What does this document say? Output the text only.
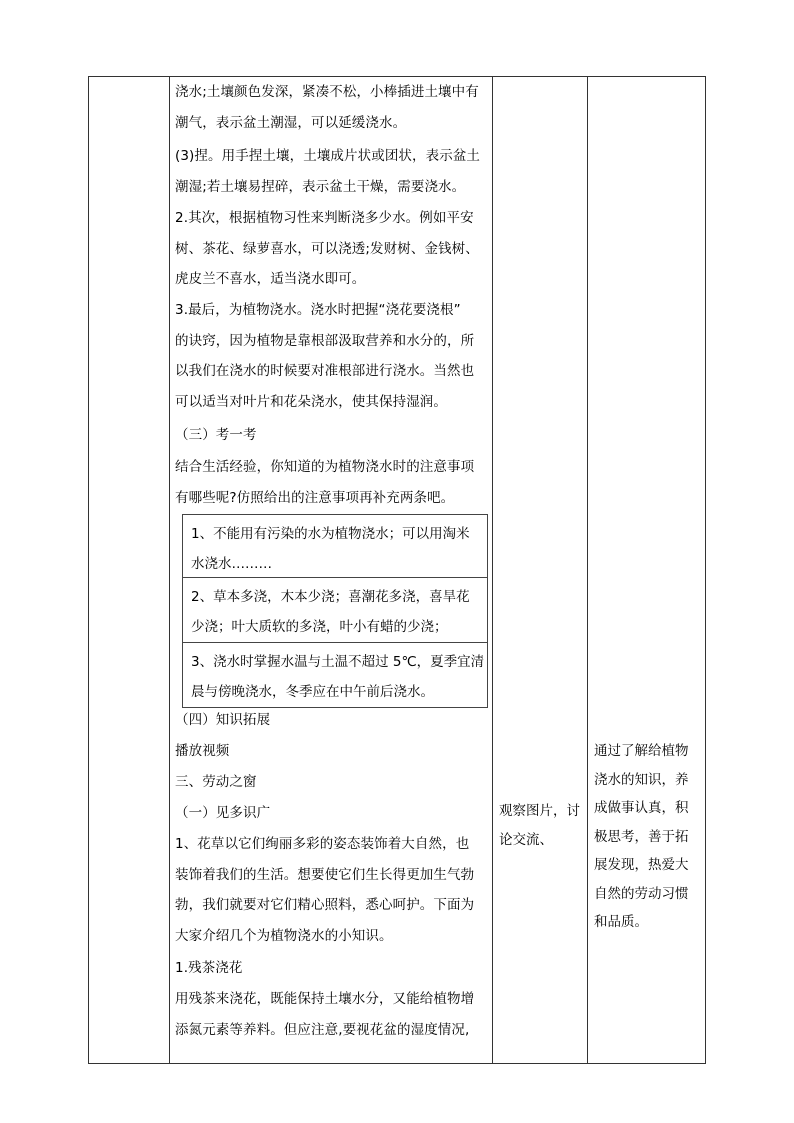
浇水;土壤颜色发深，紧凑不松，小棒插进土壤中有
潮气，表示盆土潮湿，可以延缓浇水。
(3)捏。用手捏土壤，土壤成片状或团状，表示盆土
潮湿;若土壤易捏碎，表示盆土干燥，需要浇水。
2.其次，根据植物习性来判断浇多少水。例如平安
树、茶花、绿萝喜水，可以浇透;发财树、金钱树、
虎皮兰不喜水，适当浇水即可。
3.最后，为植物浇水。浇水时把握“浇花要浇根”
的诀窍，因为植物是靠根部汲取营养和水分的，所
以我们在浇水的时候要对准根部进行浇水。当然也
可以适当对叶片和花朵浇水，使其保持湿润。
（三）考一考
结合生活经验，你知道的为植物浇水时的注意事项
有哪些呢?仿照给出的注意事项再补充两条吧。
1、不能用有污染的水为植物浇水；可以用淘米
水浇水………
2、草本多浇，木本少浇；喜潮花多浇，喜旱花
少浇；叶大质软的多浇，叶小有蜡的少浇；
3、浇水时掌握水温与土温不超过 5℃，夏季宜清
晨与傍晚浇水，冬季应在中午前后浇水。
（四）知识拓展
播放视频
三、劳动之窗
（一）见多识广
1、花草以它们绚丽多彩的姿态装饰着大自然，也
装饰着我们的生活。想要使它们生长得更加生气勃
勃，我们就要对它们精心照料，悉心呵护。下面为
大家介绍几个为植物浇水的小知识。
1.残茶浇花
用残茶来浇花，既能保持土壤水分，又能给植物增
添氮元素等养料。但应注意,要视花盆的湿度情况,
观察图片，讨
论交流、
通过了解给植物
浇水的知识，养
成做事认真，积
极思考，善于拓
展发现，热爱大
自然的劳动习惯
和品质。
